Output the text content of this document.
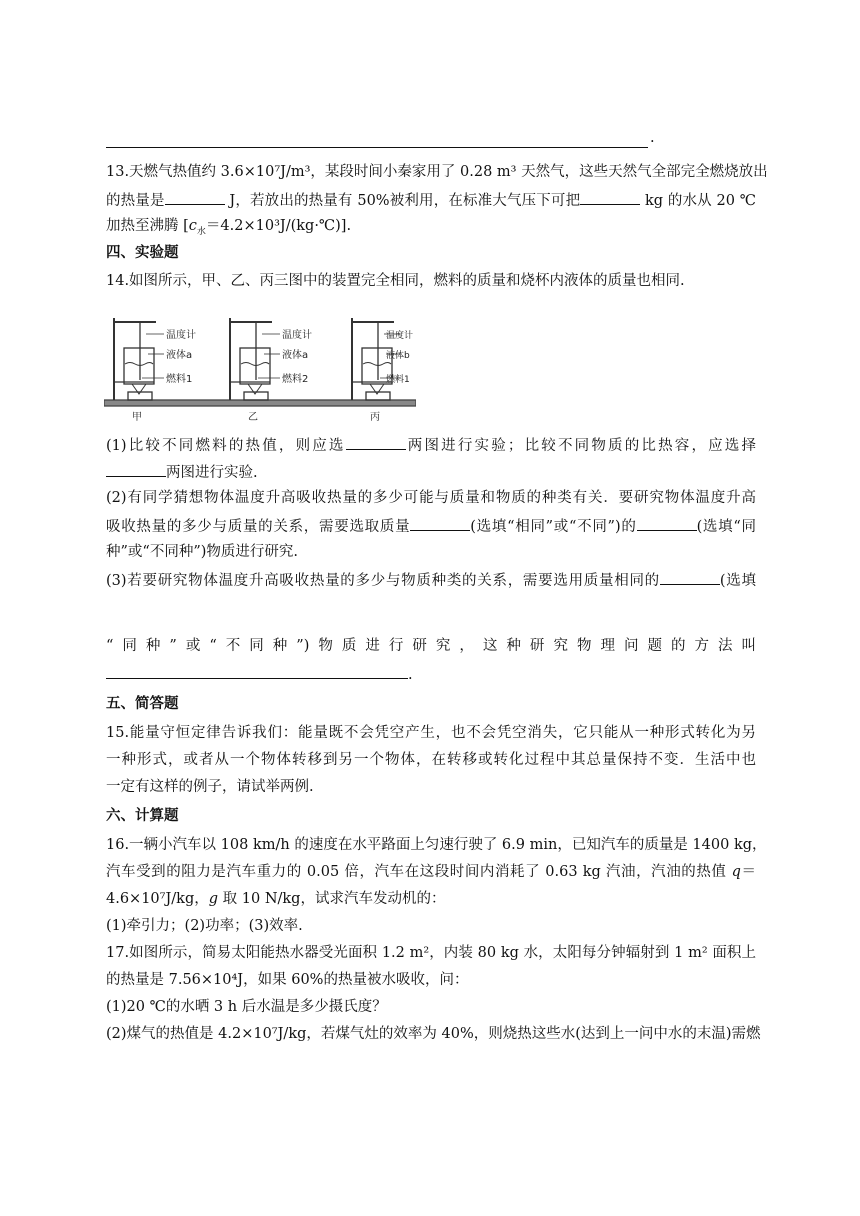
.
13.天燃气热值约 3.6×10⁷J/m³，某段时间小秦家用了 0.28 m³ 天然气，这些天然气全部完全燃烧放出
的热量是	J，若放出的热量有 50%被利用，在标准大气压下可把	kg 的水从 20 ℃
加热至沸腾 $[c_水=4.2\times 10^3J/(kg\cdot℃)]$.
四、实验题
14.如图所示，甲、乙、丙三图中的装置完全相同，燃料的质量和烧杯内液体的质量也相同.
温度计
液体a
燃料1
温度计
液体a
燃料2
温度计
液体b
燃料1
甲	乙	丙
(1)比较不同燃料的热值，则应选	两图进行实验；比较不同物质的比热容，应选择
两图进行实验.
(2)有同学猜想物体温度升高吸收热量的多少可能与质量和物质的种类有关．要研究物体温度升高
吸收热量的多少与质量的关系，需要选取质量	(选填“相同”或“不同”)的	(选填“同
种”或“不同种”)物质进行研究.
(3)若要研究物体温度升高吸收热量的多少与物质种类的关系，需要选用质量相同的	(选填
“同种”或“不同种”)物质进行研究，这种研究物理问题的方法叫
.
五、简答题
15.能量守恒定律告诉我们：能量既不会凭空产生，也不会凭空消失，它只能从一种形式转化为另
一种形式，或者从一个物体转移到另一个物体，在转移或转化过程中其总量保持不变．生活中也
一定有这样的例子，请试举两例.
六、计算题
16.一辆小汽车以 108 km/h 的速度在水平路面上匀速行驶了 6.9 min，已知汽车的质量是 1400 kg，
汽车受到的阻力是汽车重力的 0.05 倍，汽车在这段时间内消耗了 0.63 kg 汽油，汽油的热值 q＝
4.6×10⁷J/kg，g 取 10 N/kg，试求汽车发动机的：
(1)牵引力；(2)功率；(3)效率.
17.如图所示，简易太阳能热水器受光面积 1.2 m²，内装 80 kg 水，太阳每分钟辐射到 1 m² 面积上
的热量是 7.56×10⁴J，如果 60%的热量被水吸收，问：
(1)20 ℃的水晒 3 h 后水温是多少摄氏度？
(2)煤气的热值是 4.2×10⁷J/kg，若煤气灶的效率为 40%，则烧热这些水(达到上一问中水的末温)需燃
